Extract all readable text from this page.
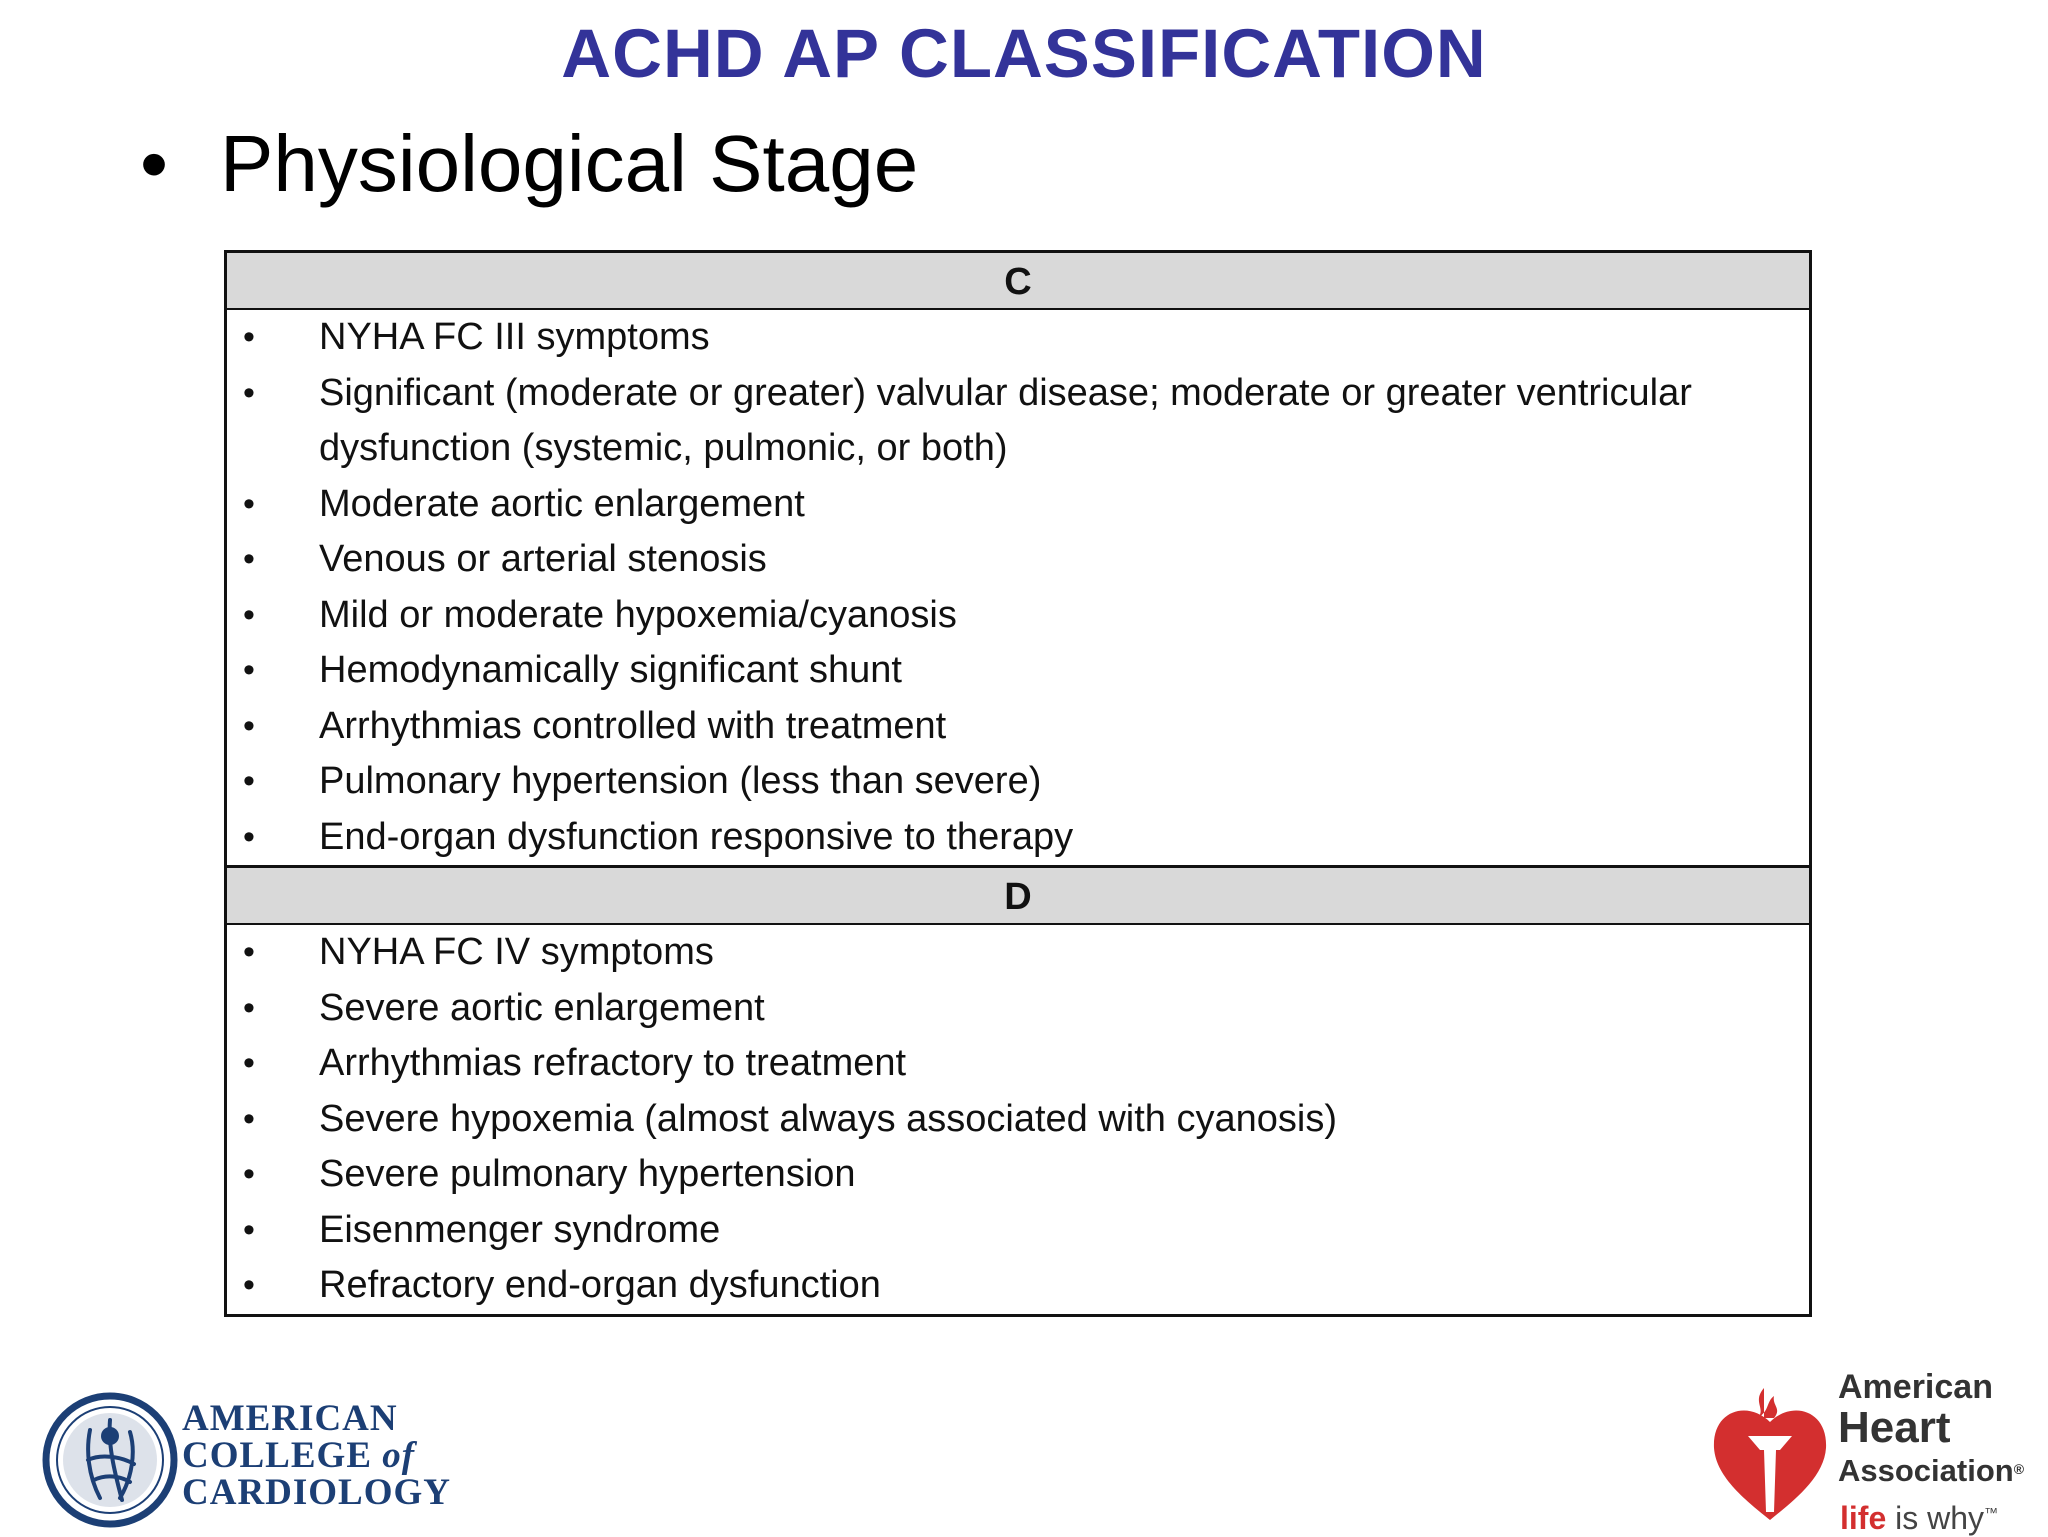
ACHD AP CLASSIFICATION
• Physiological Stage
C
• NYHA FC III symptoms
• Significant (moderate or greater) valvular disease; moderate or greater ventricular dysfunction (systemic, pulmonic, or both)
• Moderate aortic enlargement
• Venous or arterial stenosis
• Mild or moderate hypoxemia/cyanosis
• Hemodynamically significant shunt
• Arrhythmias controlled with treatment
• Pulmonary hypertension (less than severe)
• End-organ dysfunction responsive to therapy
D
• NYHA FC IV symptoms
• Severe aortic enlargement
• Arrhythmias refractory to treatment
• Severe hypoxemia (almost always associated with cyanosis)
• Severe pulmonary hypertension
• Eisenmenger syndrome
• Refractory end-organ dysfunction
AMERICAN
COLLEGE of
CARDIOLOGY
American
Heart
Association®
life is why™
